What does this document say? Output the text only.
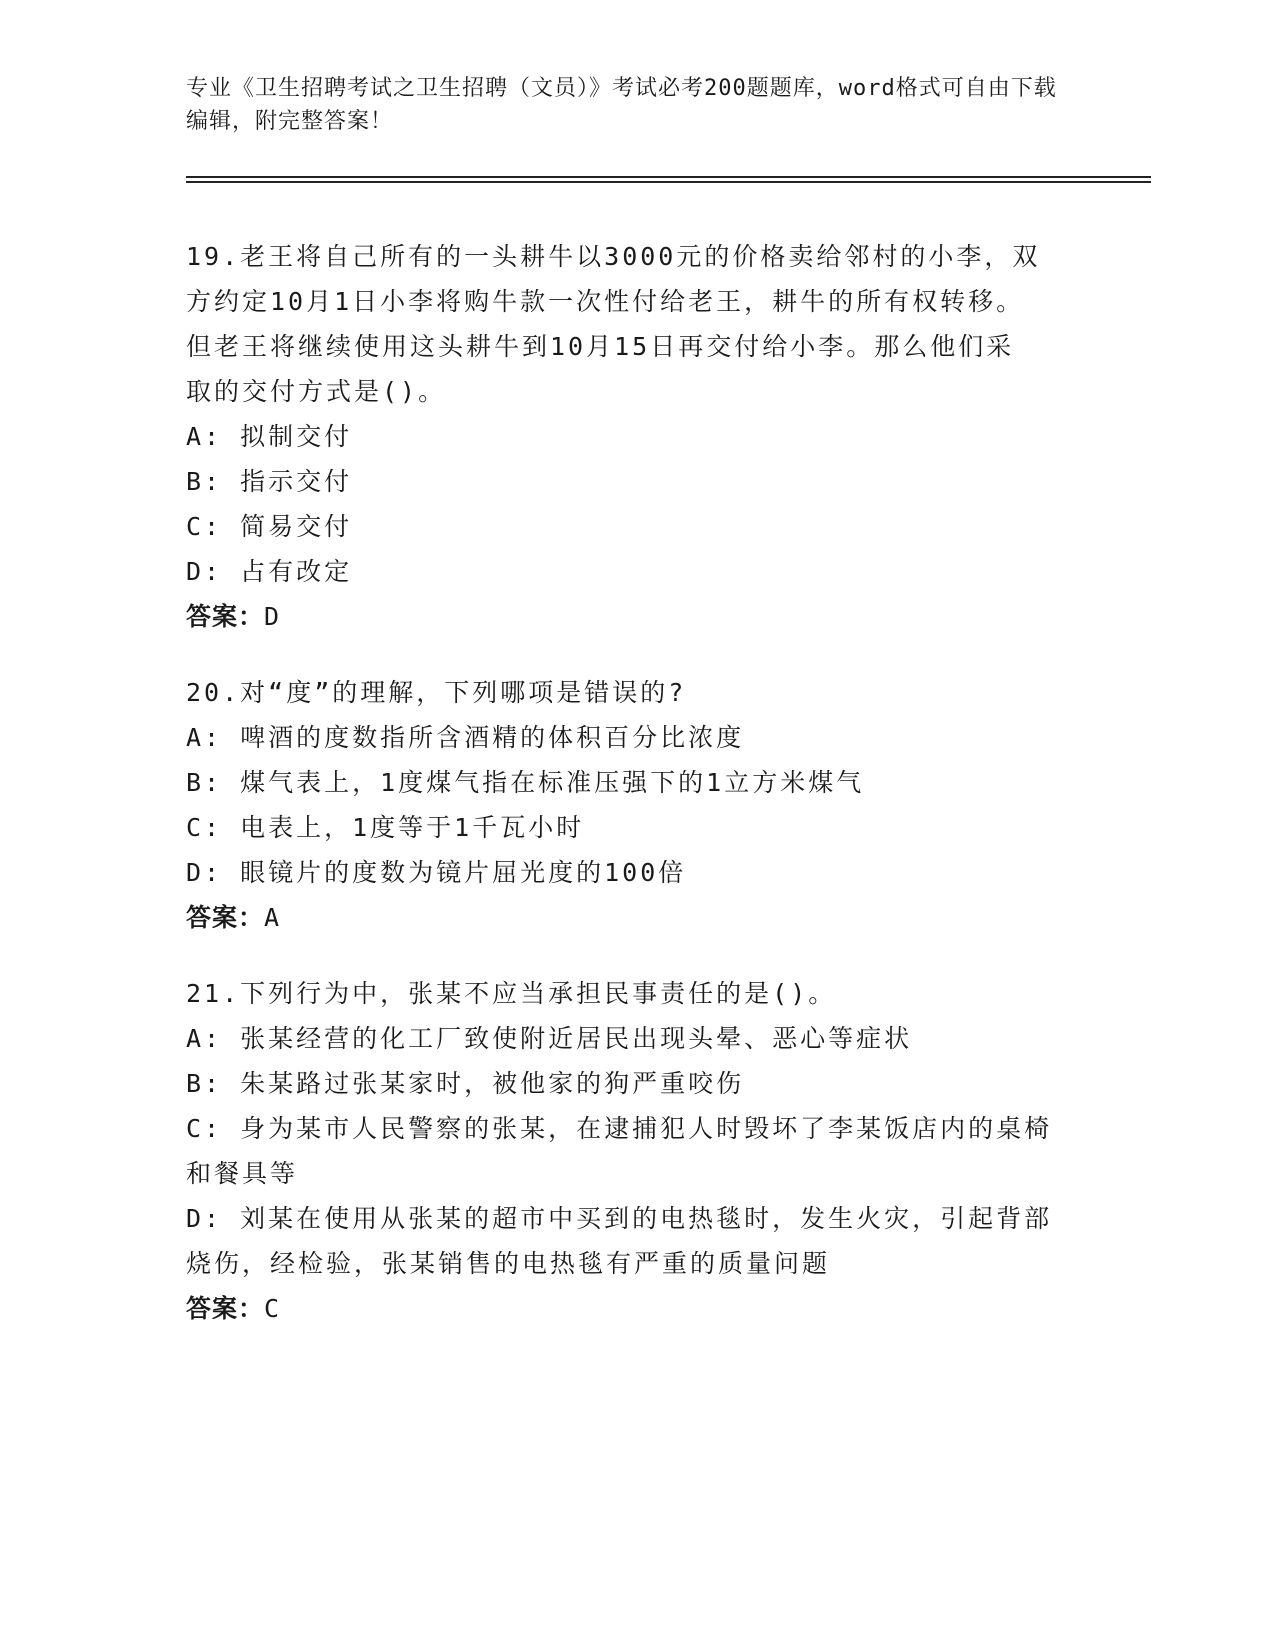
专业《卫生招聘考试之卫生招聘（文员）》考试必考200题题库，word格式可自由下载编辑，附完整答案！
19.老王将自己所有的一头耕牛以3000元的价格卖给邻村的小李，双
方约定10月1日小李将购牛款一次性付给老王，耕牛的所有权转移。
但老王将继续使用这头耕牛到10月15日再交付给小李。那么他们采
取的交付方式是()。
A: 拟制交付
B: 指示交付
C: 简易交付
D: 占有改定
答案：D
20.对“度”的理解，下列哪项是错误的?
A: 啤酒的度数指所含酒精的体积百分比浓度
B: 煤气表上，1度煤气指在标准压强下的1立方米煤气
C: 电表上，1度等于1千瓦小时
D: 眼镜片的度数为镜片屈光度的100倍
答案：A
21.下列行为中，张某不应当承担民事责任的是()。
A: 张某经营的化工厂致使附近居民出现头晕、恶心等症状
B: 朱某路过张某家时，被他家的狗严重咬伤
C: 身为某市人民警察的张某，在逮捕犯人时毁坏了李某饭店内的桌椅
和餐具等
D: 刘某在使用从张某的超市中买到的电热毯时，发生火灾，引起背部
烧伤，经检验，张某销售的电热毯有严重的质量问题
答案：C
